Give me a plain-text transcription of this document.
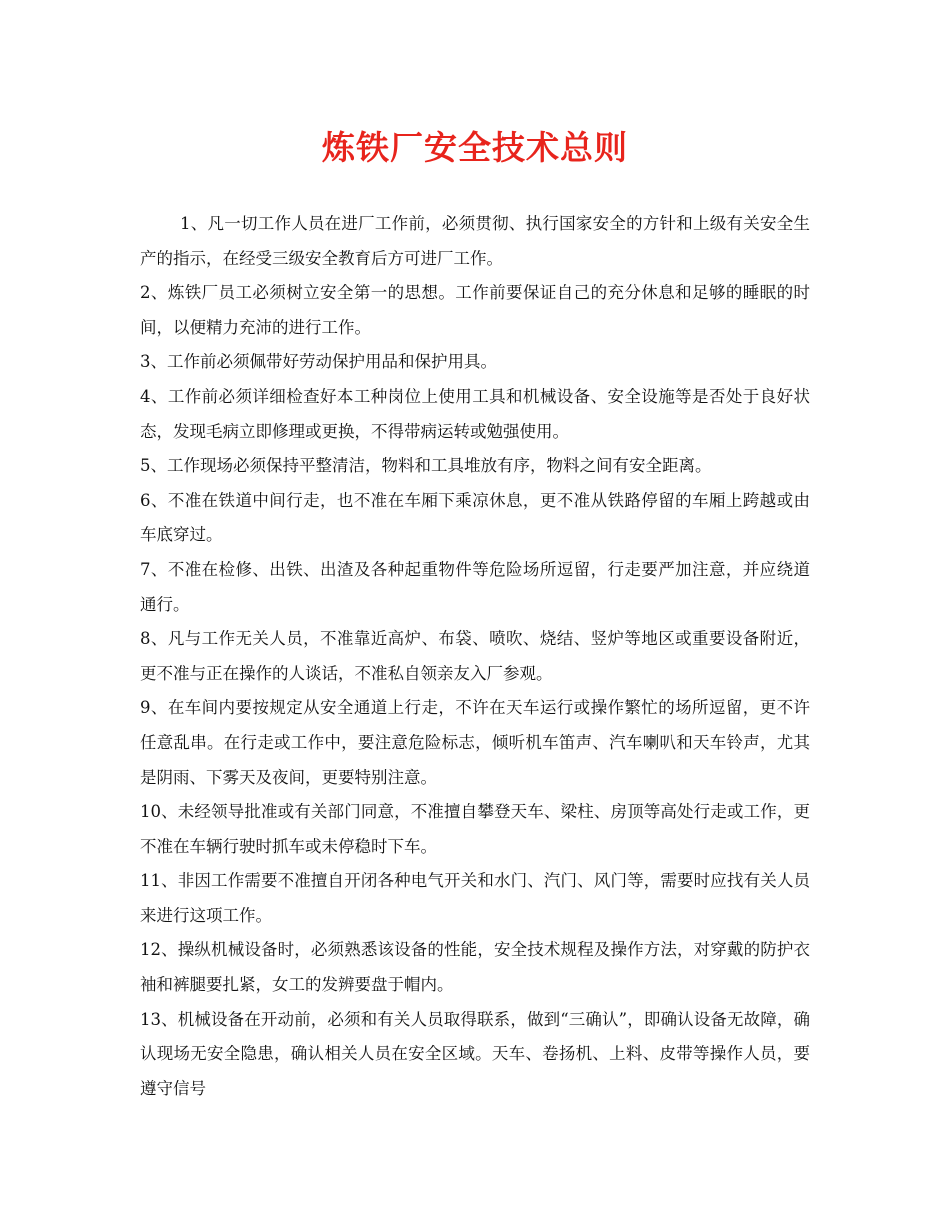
炼铁厂安全技术总则

1、凡一切工作人员在进厂工作前，必须贯彻、执行国家安全的方针和上级有关安全生产的指示，在经受三级安全教育后方可进厂工作。

2、炼铁厂员工必须树立安全第一的思想。工作前要保证自己的充分休息和足够的睡眠的时间，以便精力充沛的进行工作。

3、工作前必须佩带好劳动保护用品和保护用具。

4、工作前必须详细检查好本工种岗位上使用工具和机械设备、安全设施等是否处于良好状态，发现毛病立即修理或更换，不得带病运转或勉强使用。

5、工作现场必须保持平整清洁，物料和工具堆放有序，物料之间有安全距离。

6、不准在铁道中间行走，也不准在车厢下乘凉休息，更不准从铁路停留的车厢上跨越或由车底穿过。

7、不准在检修、出铁、出渣及各种起重物件等危险场所逗留，行走要严加注意，并应绕道通行。

8、凡与工作无关人员，不准靠近高炉、布袋、喷吹、烧结、竖炉等地区或重要设备附近，更不准与正在操作的人谈话，不准私自领亲友入厂参观。

9、在车间内要按规定从安全通道上行走，不许在天车运行或操作繁忙的场所逗留，更不许任意乱串。在行走或工作中，要注意危险标志，倾听机车笛声、汽车喇叭和天车铃声，尤其是阴雨、下雾天及夜间，更要特别注意。

10、未经领导批准或有关部门同意，不准擅自攀登天车、梁柱、房顶等高处行走或工作，更不准在车辆行驶时抓车或未停稳时下车。

11、非因工作需要不准擅自开闭各种电气开关和水门、汽门、风门等，需要时应找有关人员来进行这项工作。

12、操纵机械设备时，必须熟悉该设备的性能，安全技术规程及操作方法，对穿戴的防护衣袖和裤腿要扎紧，女工的发辨要盘于帽内。

13、机械设备在开动前，必须和有关人员取得联系，做到“三确认”，即确认设备无故障，确认现场无安全隐患，确认相关人员在安全区域。天车、卷扬机、上料、皮带等操作人员，要遵守信号
